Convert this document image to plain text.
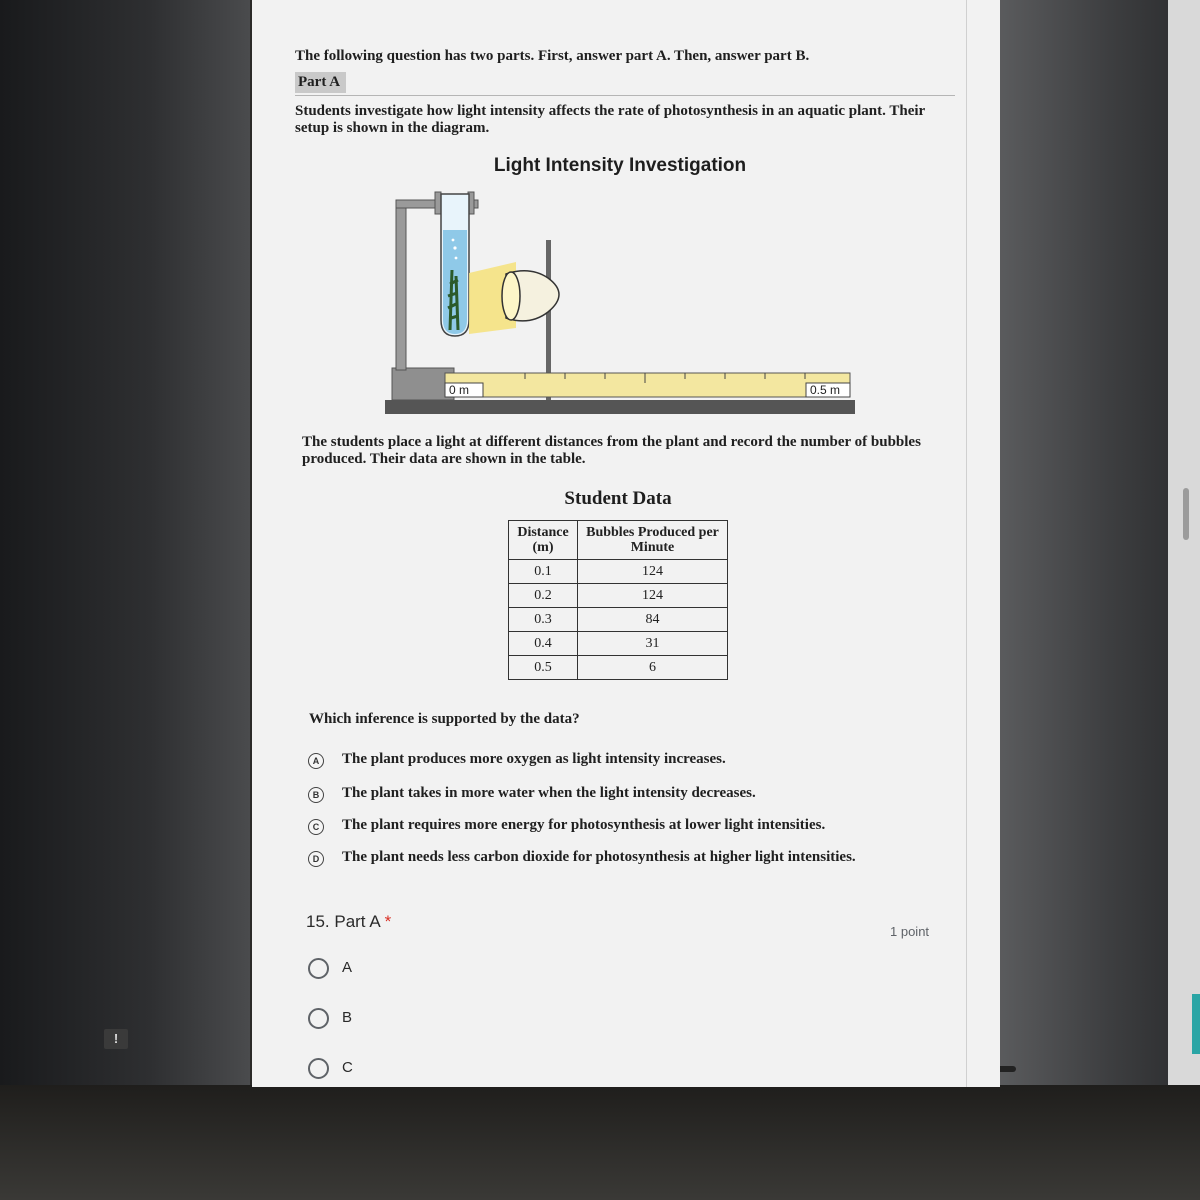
!
The following question has two parts. First, answer part A. Then, answer part B.
Part A
Students investigate how light intensity affects the rate of photosynthesis in an aquatic plant. Their setup is shown in the diagram.
Light Intensity Investigation
0 m	0.5 m
The students place a light at different distances from the plant and record the number of bubbles produced. Their data are shown in the table.
Student Data
Distance (m)	Bubbles Produced per Minute
0.1	124
0.2	124
0.3	84
0.4	31
0.5	6
Which inference is supported by the data?
A	The plant produces more oxygen as light intensity increases.
B	The plant takes in more water when the light intensity decreases.
C	The plant requires more energy for photosynthesis at lower light intensities.
D	The plant needs less carbon dioxide for photosynthesis at higher light intensities.
15. Part A *
1 point
A
B
C
